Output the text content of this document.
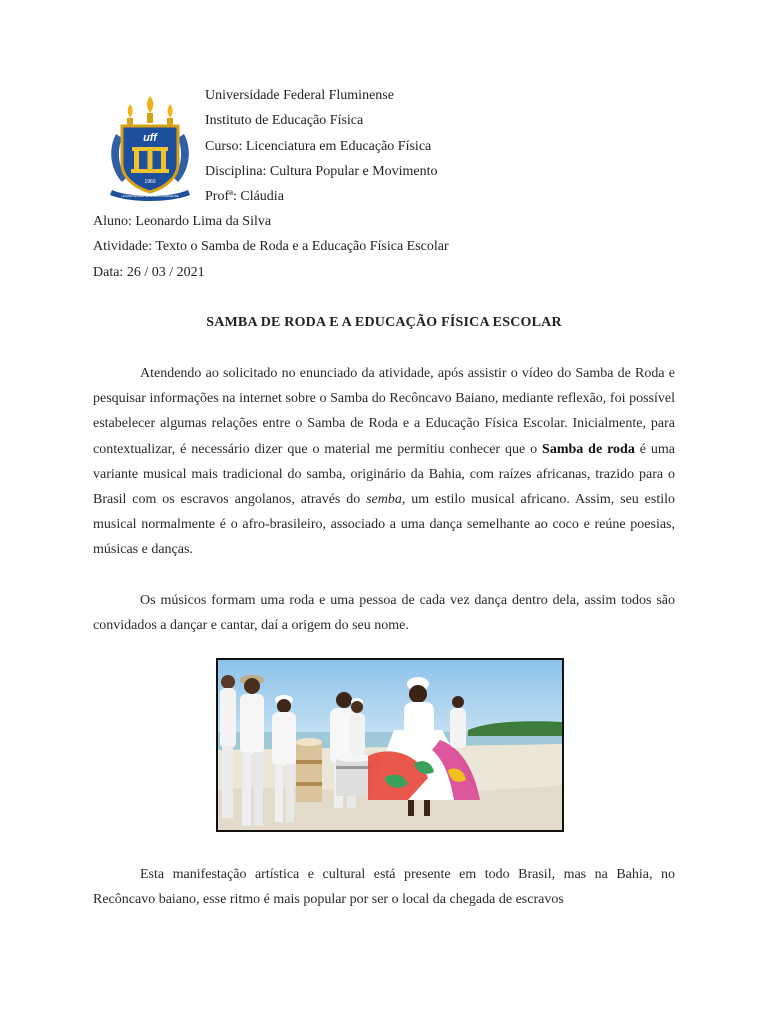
uff
1960
UNIVERSIDADE FEDERAL FLUMINENSE
Universidade Federal Fluminense
Instituto de Educação Física
Curso: Licenciatura em Educação Física
Disciplina: Cultura Popular e Movimento
Profª: Cláudia
Aluno: Leonardo Lima da Silva
Atividade: Texto o Samba de Roda e a Educação Física Escolar
Data: 26 / 03 / 2021
SAMBA DE RODA E A EDUCAÇÃO FÍSICA ESCOLAR
Atendendo ao solicitado no enunciado da atividade, após assistir o vídeo do Samba de Roda e pesquisar informações na internet sobre o Samba do Recôncavo Baiano, mediante reflexão, foi possível estabelecer algumas relações entre o Samba de Roda e a Educação Física Escolar. Inicialmente, para contextualizar, é necessário dizer que o material me permitiu conhecer que o Samba de roda é uma variante musical mais tradicional do samba, originário da Bahia, com raízes africanas, trazido para o Brasil com os escravos angolanos, através do semba, um estilo musical africano. Assim, seu estilo musical normalmente é o afro-brasileiro, associado a uma dança semelhante ao coco e reúne poesias, músicas e danças.
Os músicos formam uma roda e uma pessoa de cada vez dança dentro dela, assim todos são convidados a dançar e cantar, daí a origem do seu nome.
Esta manifestação artística e cultural está presente em todo Brasil, mas na Bahia, no Recôncavo baiano, esse ritmo é mais popular por ser o local da chegada de escravos
